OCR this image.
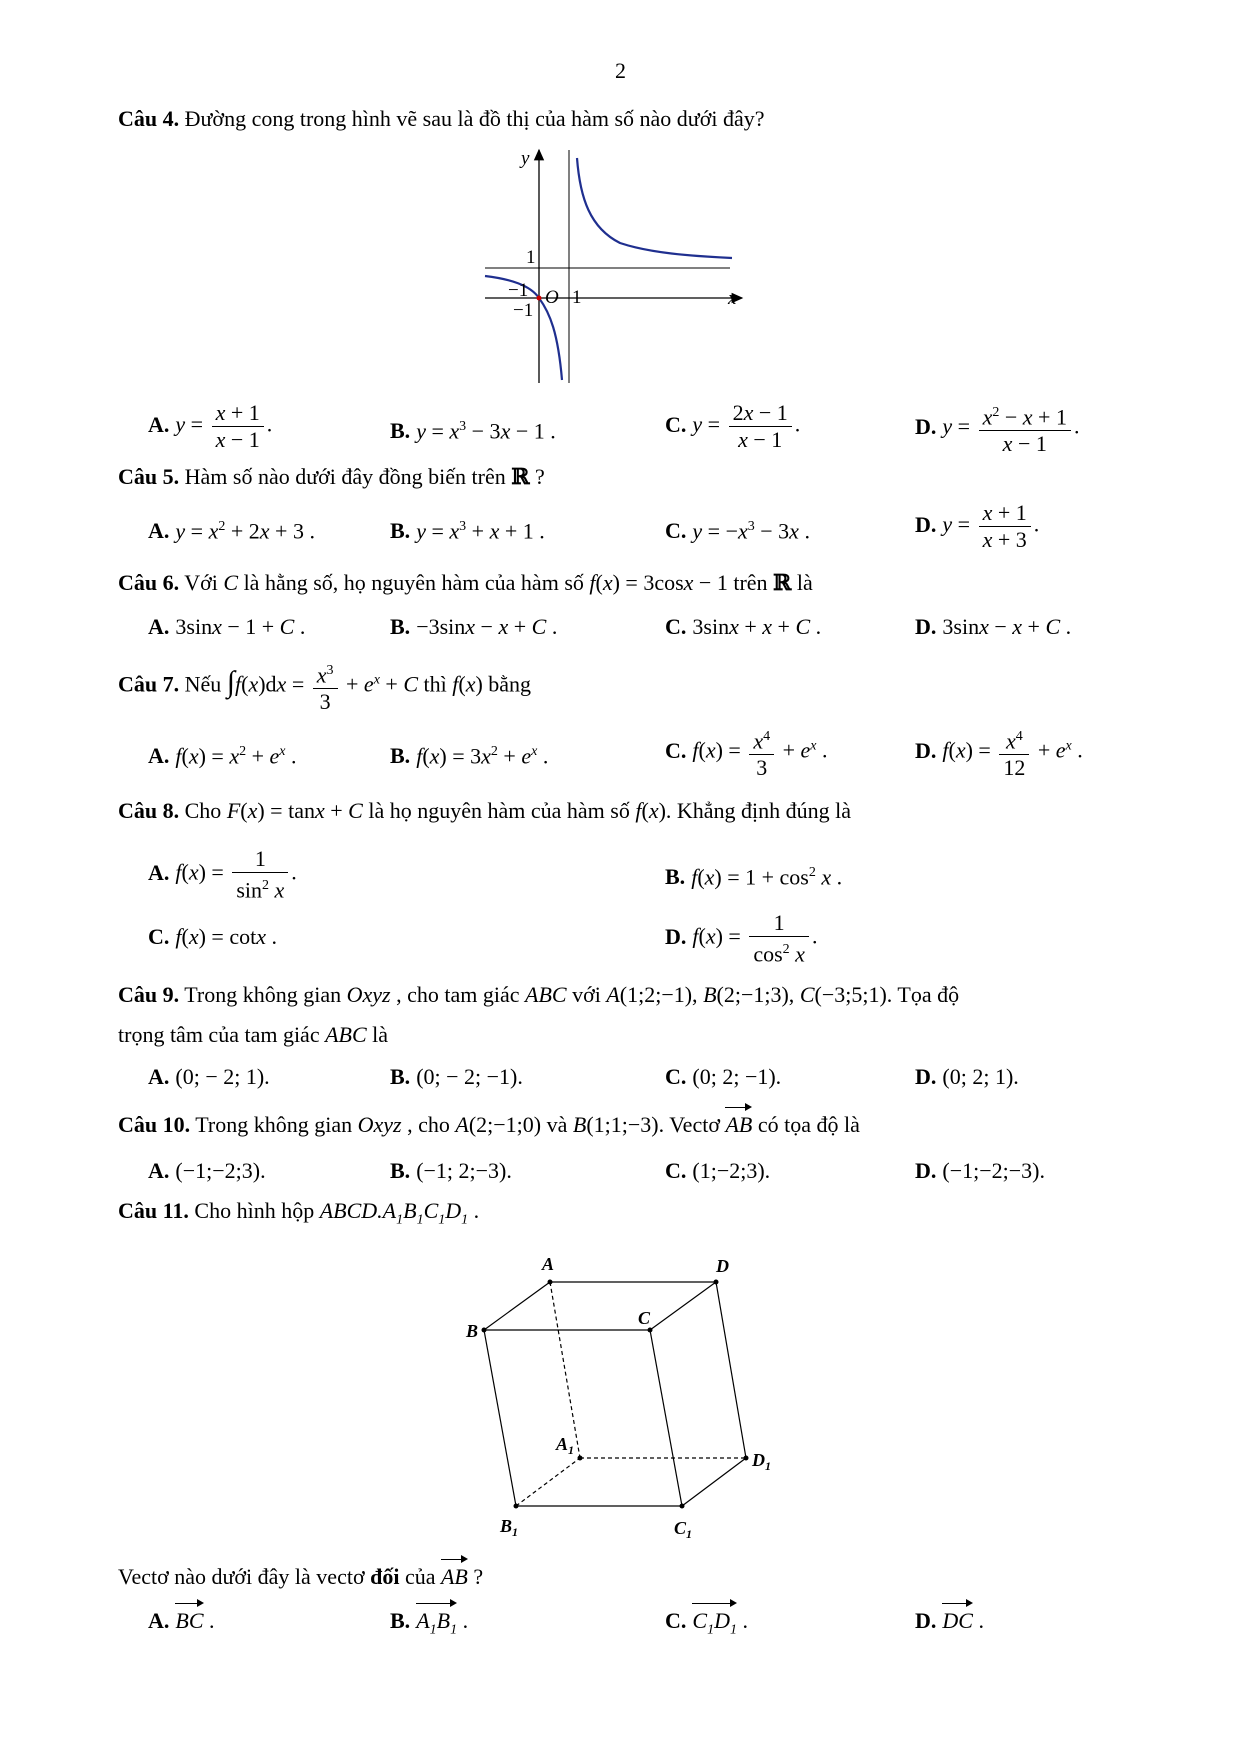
2
Câu 4. Đường cong trong hình vẽ sau là đồ thị của hàm số nào dưới đây?
y
x
1
−1
−1
O 1
A. $y = \frac{x + 1}{x - 1}$ .	B. $y = x^3 - 3x - 1$ .	C. $y = \frac{2x - 1}{x - 1}$ .	D. $y = \frac{x^2 - x + 1}{x - 1}$ .
Câu 5. Hàm số nào dưới đây đồng biến trên ℝ ?
A. $y = x^2 + 2x + 3$ .	B. $y = x^3 + x + 1$ .	C. $y = -x^3 - 3x$ .	D. $y = \frac{x + 1}{x + 3}$ .
Câu 6. Với C là hằng số, họ nguyên hàm của hàm số f(x) = 3cosx − 1 trên ℝ là
A. 3sinx − 1 + C .	B. −3sinx − x + C .	C. 3sinx + x + C .	D. 3sinx − x + C .
Câu 7. Nếu $\int f(x)dx = \frac{x^3}{3} + e^x + C$ thì f(x) bằng
A. $f(x) = x^2 + e^x$ .	B. $f(x) = 3x^2 + e^x$ .	C. $f(x) = \frac{x^4}{3} + e^x$ .	D. $f(x) = \frac{x^4}{12} + e^x$ .
Câu 8. Cho F(x) = tanx + C là họ nguyên hàm của hàm số f(x). Khẳng định đúng là
A. $f(x) = \frac{1}{\sin^2 x}$ .	B. $f(x) = 1 + \cos^2 x$ .
C. f(x) = cotx .	D. $f(x) = \frac{1}{\cos^2 x}$ .
Câu 9. Trong không gian Oxyz , cho tam giác ABC với A(1;2;−1), B(2;−1;3), C(−3;5;1). Tọa độ
trọng tâm của tam giác ABC là
A. (0; − 2; 1).	B. (0; − 2; −1).	C. (0; 2; −1).	D. (0; 2; 1).
Câu 10. Trong không gian Oxyz , cho A(2;−1;0) và B(1;1;−3). Vectơ AB có tọa độ là
A. (−1;−2;3).	B. (−1; 2;−3).	C. (1;−2;3).	D. (−1;−2;−3).
Câu 11. Cho hình hộp $ABCD.A_1B_1C_1D_1$ .
A	D
B
C
$A_1$	$D_1$
$B_1$	$C_1$
Vectơ nào dưới đây là vectơ đối của AB ?
A. BC .	B. $A_1B_1$ .	C. $C_1D_1$ .	D. DC .
